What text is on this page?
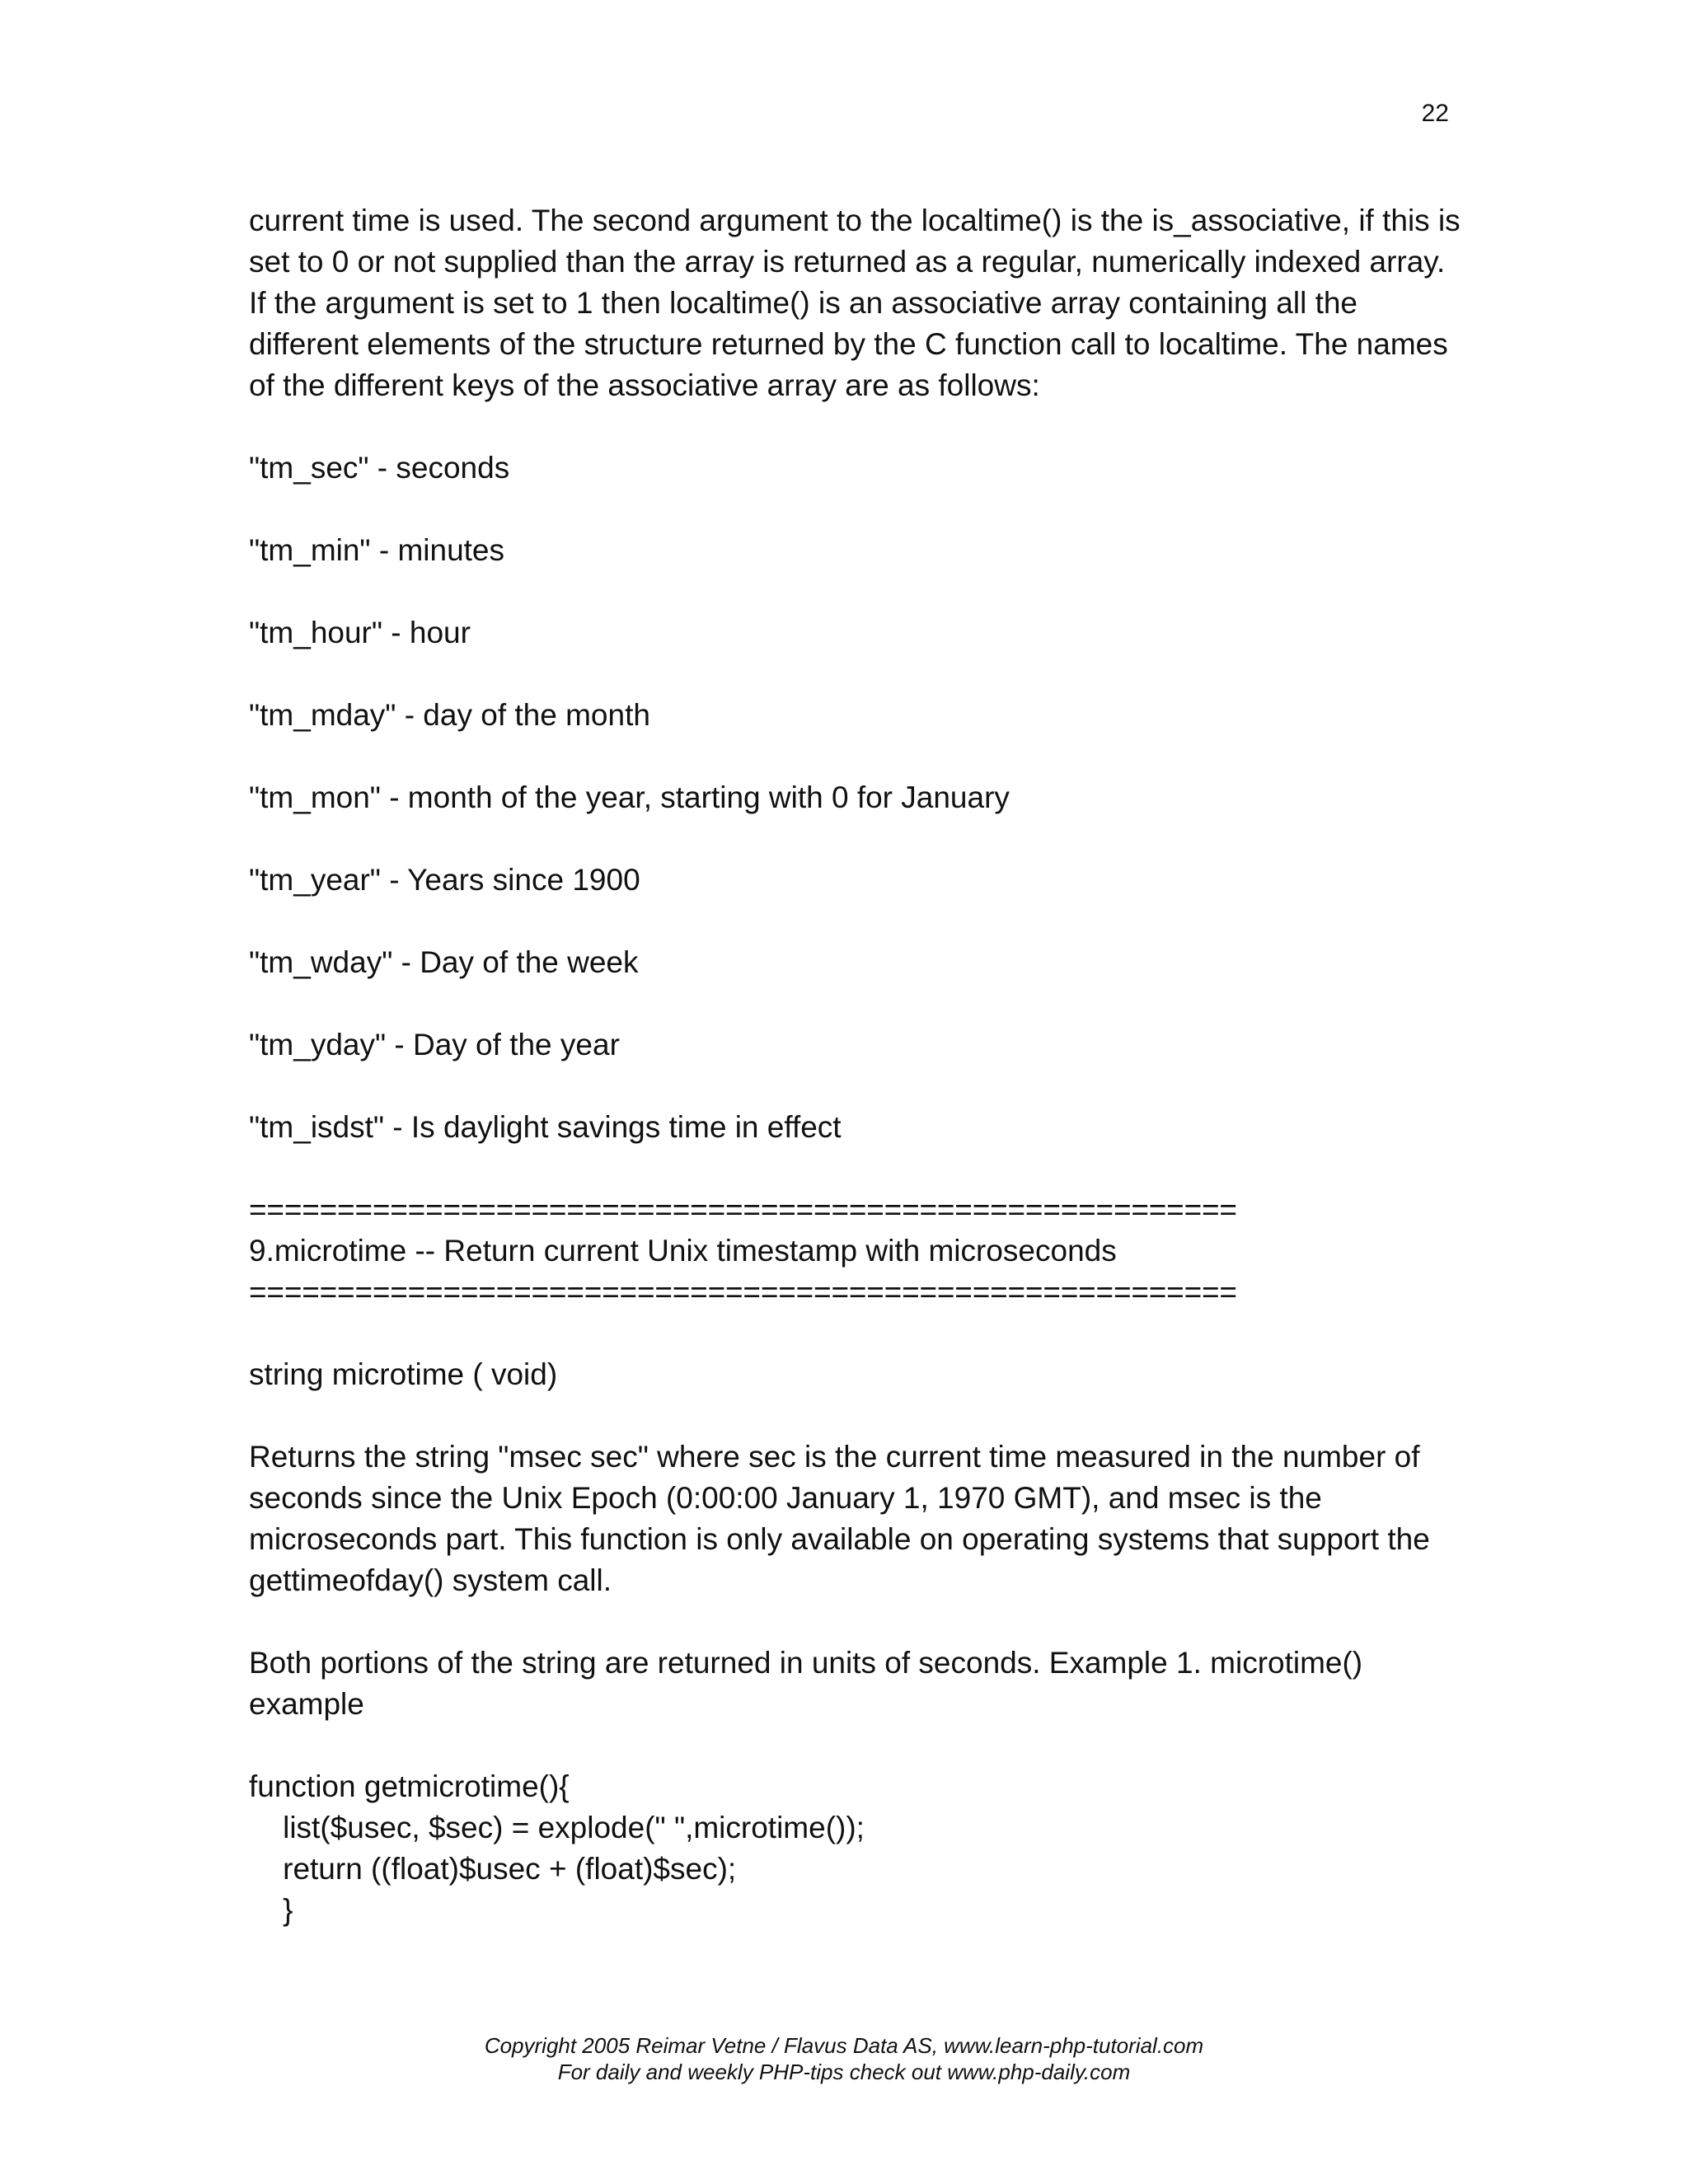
22

current time is used. The second argument to the localtime() is the is_associative, if this is set to 0 or not supplied than the array is returned as a regular, numerically indexed array. If the argument is set to 1 then localtime() is an associative array containing all the different elements of the structure returned by the C function call to localtime. The names of the different keys of the associative array are as follows:

"tm_sec" - seconds

"tm_min" - minutes

"tm_hour" - hour

"tm_mday" - day of the month

"tm_mon" - month of the year, starting with 0 for January

"tm_year" - Years since 1900

"tm_wday" - Day of the week

"tm_yday" - Day of the year

"tm_isdst" - Is daylight savings time in effect

========================================================
9.microtime -- Return current Unix timestamp with microseconds
========================================================

string microtime ( void)

Returns the string "msec sec" where sec is the current time measured in the number of seconds since the Unix Epoch (0:00:00 January 1, 1970 GMT), and msec is the microseconds part. This function is only available on operating systems that support the gettimeofday() system call.

Both portions of the string are returned in units of seconds. Example 1. microtime() example

function getmicrotime(){
list($usec, $sec) = explode(" ",microtime());
return ((float)$usec + (float)$sec);
}
Copyright 2005 Reimar Vetne / Flavus Data AS, www.learn-php-tutorial.com
For daily and weekly PHP-tips check out www.php-daily.com
